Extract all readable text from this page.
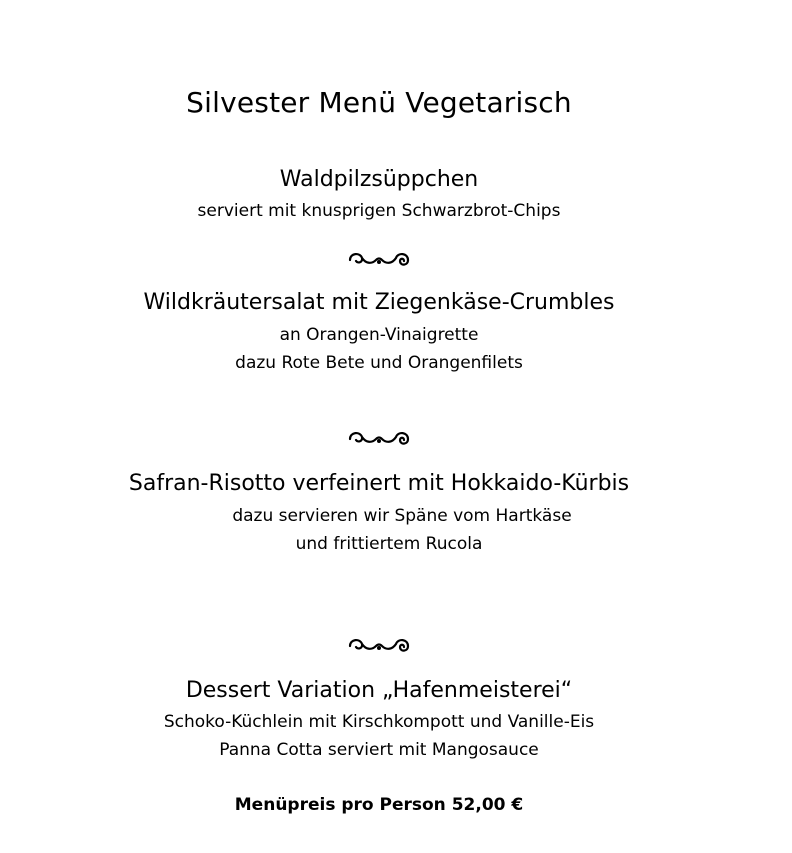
Silvester Menü Vegetarisch
Waldpilzsüppchen
serviert mit knusprigen Schwarzbrot-Chips
Wildkräutersalat mit Ziegenkäse-Crumbles
an Orangen-Vinaigrette
dazu Rote Bete und Orangenfilets
Safran-Risotto verfeinert mit Hokkaido-Kürbis
dazu servieren wir Späne vom Hartkäse
und frittiertem Rucola
Dessert Variation „Hafenmeisterei“
Schoko-Küchlein mit Kirschkompott und Vanille-Eis
Panna Cotta serviert mit Mangosauce
Menüpreis pro Person 52,00 €
